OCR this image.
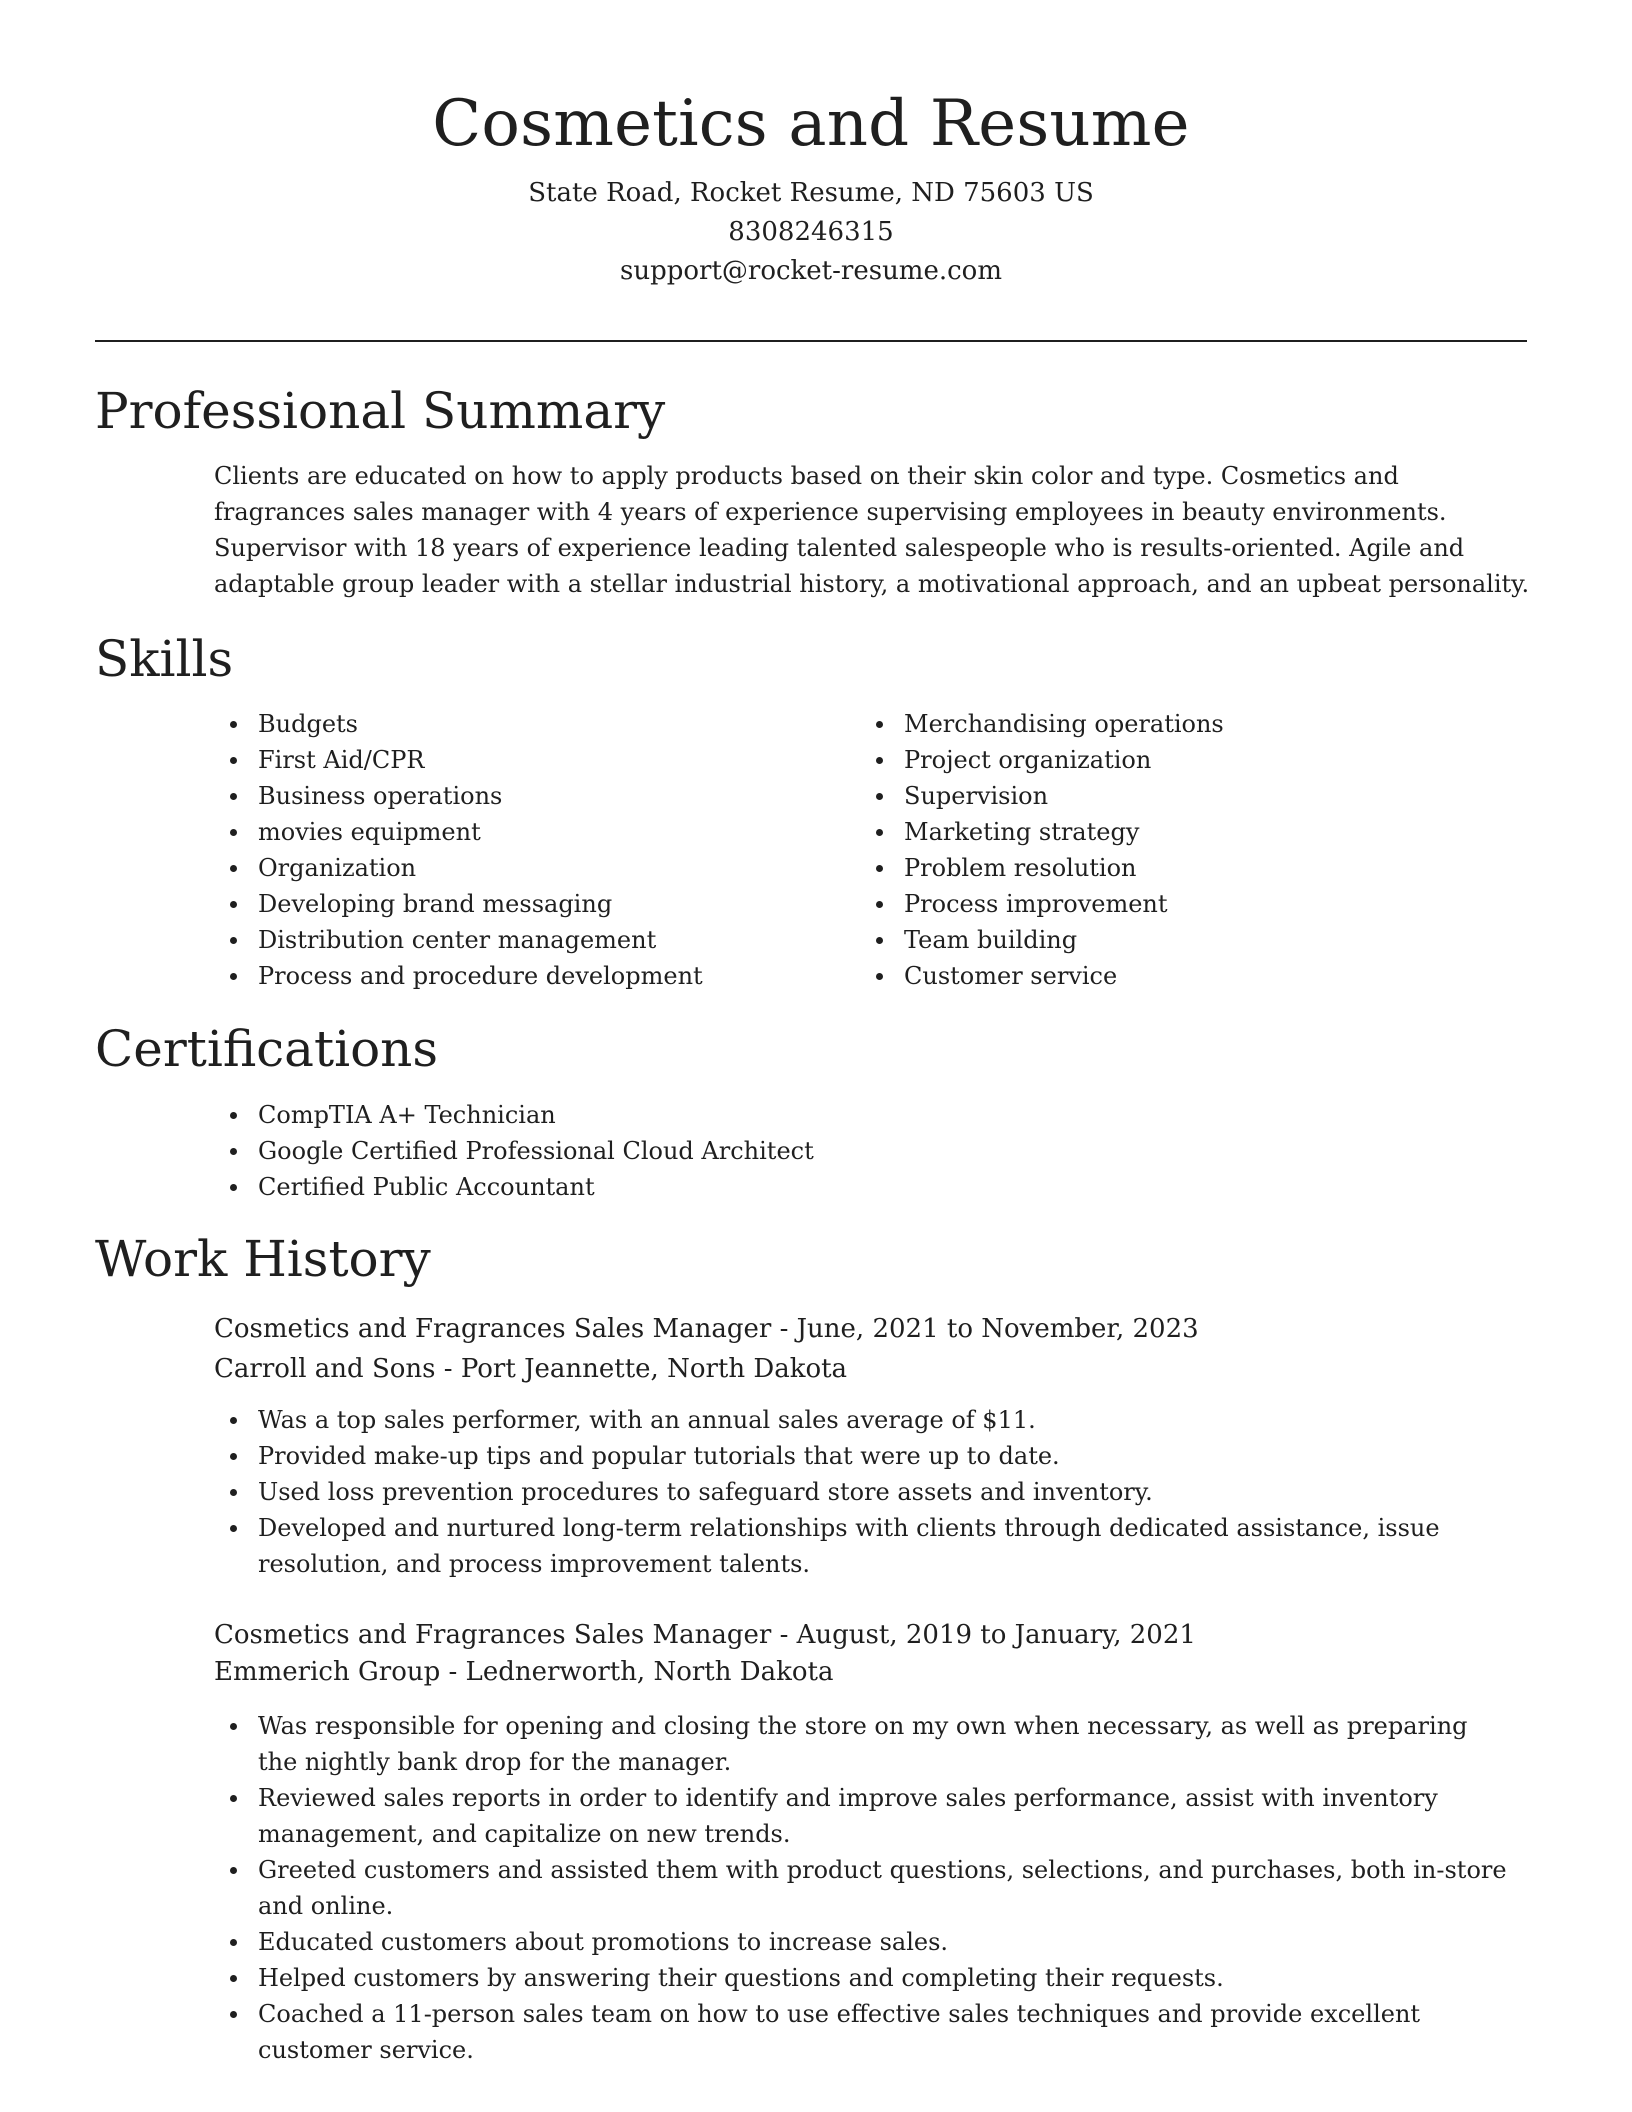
Cosmetics and Resume
State Road, Rocket Resume, ND 75603 US
8308246315
support@rocket-resume.com
Professional Summary

Clients are educated on how to apply products based on their skin color and type. Cosmetics and fragrances sales manager with 4 years of experience supervising employees in beauty environments. Supervisor with 18 years of experience leading talented salespeople who is results-oriented. Agile and adaptable group leader with a stellar industrial history, a motivational approach, and an upbeat personality.

Skills
Budgets
First Aid/CPR
Business operations
movies equipment
Organization
Developing brand messaging
Distribution center management
Process and procedure development
Merchandising operations
Project organization
Supervision
Marketing strategy
Problem resolution
Process improvement
Team building
Customer service
Certifications
CompTIA A+ Technician
Google Certified Professional Cloud Architect
Certified Public Accountant
Work History
Cosmetics and Fragrances Sales Manager - June, 2021 to November, 2023
Carroll and Sons - Port Jeannette, North Dakota
Was a top sales performer, with an annual sales average of $11.
Provided make-up tips and popular tutorials that were up to date.
Used loss prevention procedures to safeguard store assets and inventory.
Developed and nurtured long-term relationships with clients through dedicated assistance, issue resolution, and process improvement talents.
Cosmetics and Fragrances Sales Manager - August, 2019 to January, 2021
Emmerich Group - Lednerworth, North Dakota
Was responsible for opening and closing the store on my own when necessary, as well as preparing the nightly bank drop for the manager.
Reviewed sales reports in order to identify and improve sales performance, assist with inventory management, and capitalize on new trends.
Greeted customers and assisted them with product questions, selections, and purchases, both in-store and online.
Educated customers about promotions to increase sales.
Helped customers by answering their questions and completing their requests.
Coached a 11-person sales team on how to use effective sales techniques and provide excellent customer service.
